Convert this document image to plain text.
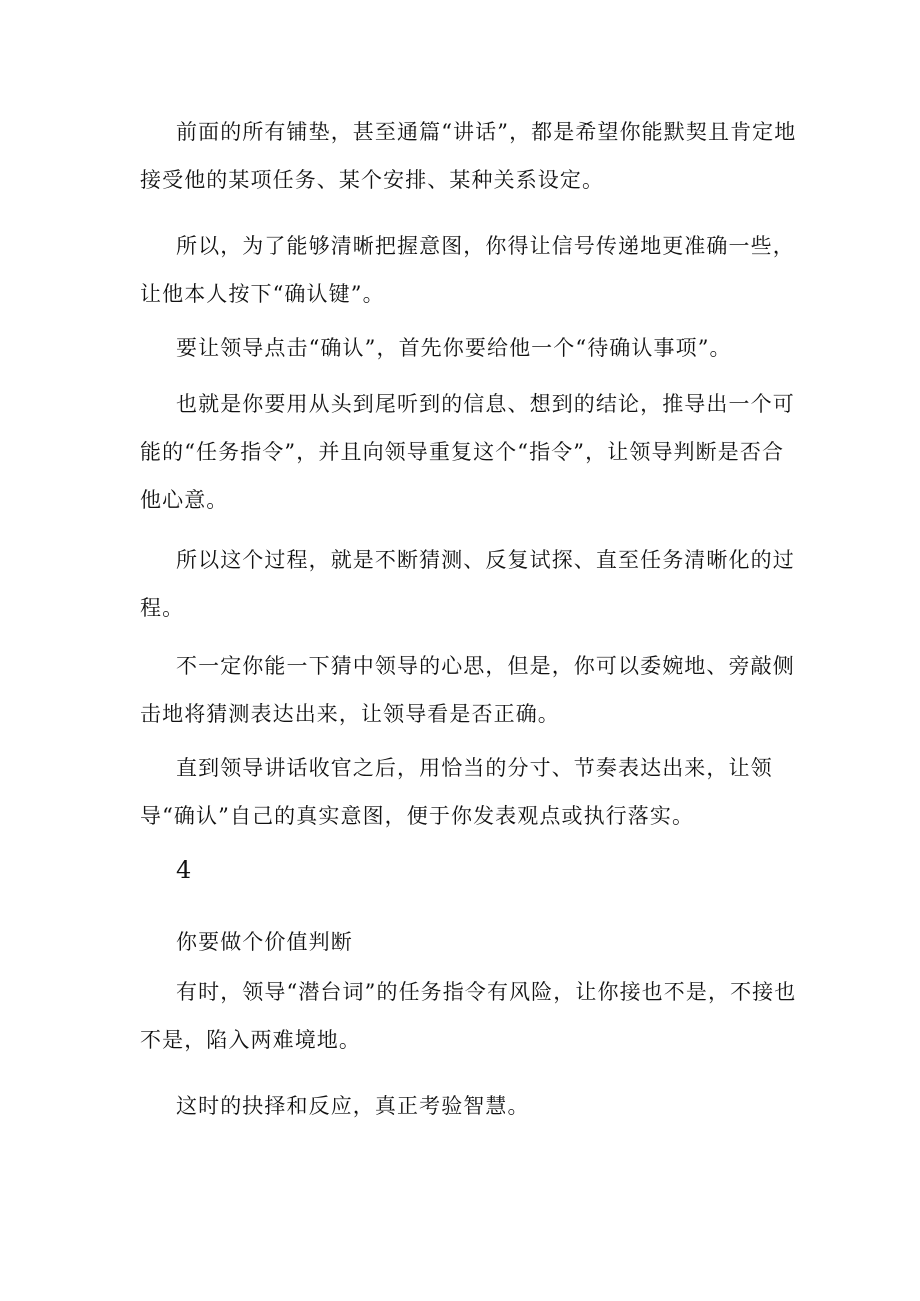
前面的所有铺垫，甚至通篇“讲话”，都是希望你能默契且肯定地接受他的某项任务、某个安排、某种关系设定。

所以，为了能够清晰把握意图，你得让信号传递地更准确一些，让他本人按下“确认键”。

要让领导点击“确认”，首先你要给他一个“待确认事项”。

也就是你要用从头到尾听到的信息、想到的结论，推导出一个可能的“任务指令”，并且向领导重复这个“指令”，让领导判断是否合他心意。

所以这个过程，就是不断猜测、反复试探、直至任务清晰化的过程。

不一定你能一下猜中领导的心思，但是，你可以委婉地、旁敲侧击地将猜测表达出来，让领导看是否正确。

直到领导讲话收官之后，用恰当的分寸、节奏表达出来，让领导“确认”自己的真实意图，便于你发表观点或执行落实。

4

你要做个价值判断

有时，领导“潜台词”的任务指令有风险，让你接也不是，不接也不是，陷入两难境地。

这时的抉择和反应，真正考验智慧。
